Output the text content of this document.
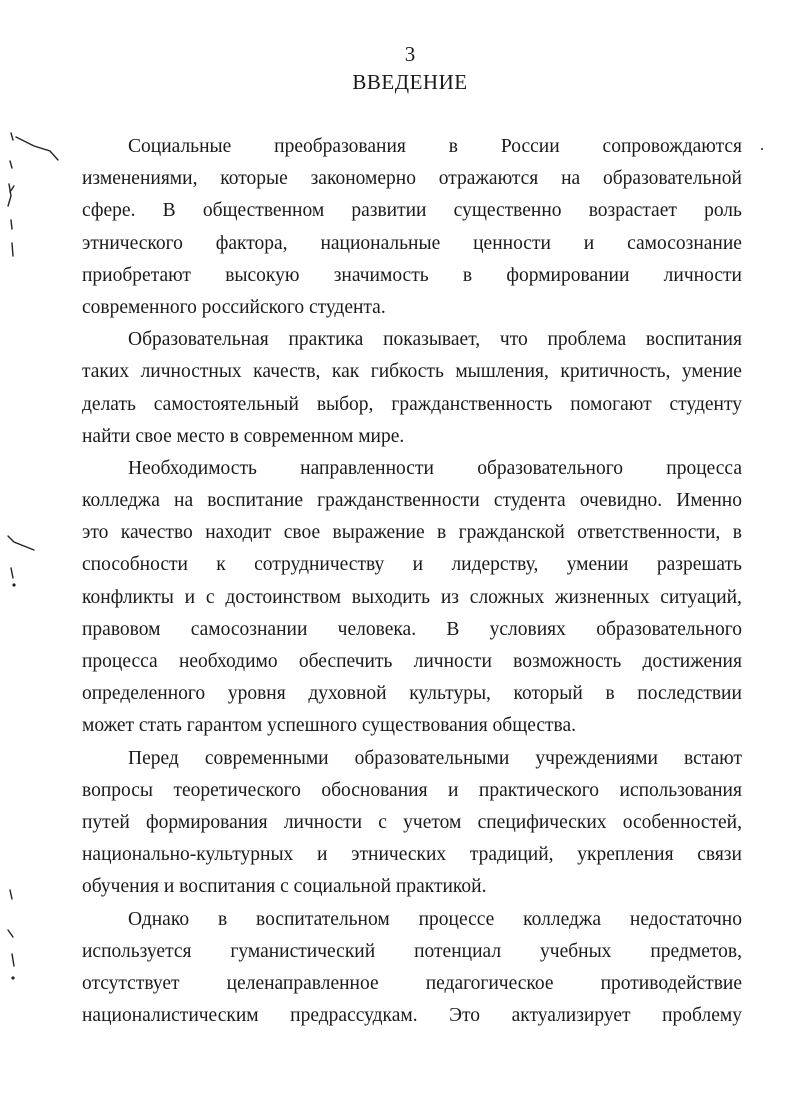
3
ВВЕДЕНИЕ
Социальные преобразования в России сопровождаются
изменениями, которые закономерно отражаются на образовательной
сфере. В общественном развитии существенно возрастает роль
этнического фактора, национальные ценности и самосознание
приобретают высокую значимость в формировании личности
современного российского студента.
Образовательная практика показывает, что проблема воспитания
таких личностных качеств, как гибкость мышления, критичность, умение
делать самостоятельный выбор, гражданственность помогают студенту
найти свое место в современном мире.
Необходимость направленности образовательного процесса
колледжа на воспитание гражданственности студента очевидно. Именно
это качество находит свое выражение в гражданской ответственности, в
способности к сотрудничеству и лидерству, умении разрешать
конфликты и с достоинством выходить из сложных жизненных ситуаций,
правовом самосознании человека. В условиях образовательного
процесса необходимо обеспечить личности возможность достижения
определенного уровня духовной культуры, который в последствии
может стать гарантом успешного существования общества.
Перед современными образовательными учреждениями встают
вопросы теоретического обоснования и практического использования
путей формирования личности с учетом специфических особенностей,
национально-культурных и этнических традиций, укрепления связи
обучения и воспитания с социальной практикой.
Однако в воспитательном процессе колледжа недостаточно
используется гуманистический потенциал учебных предметов,
отсутствует целенаправленное педагогическое противодействие
националистическим предрассудкам. Это актуализирует проблему
